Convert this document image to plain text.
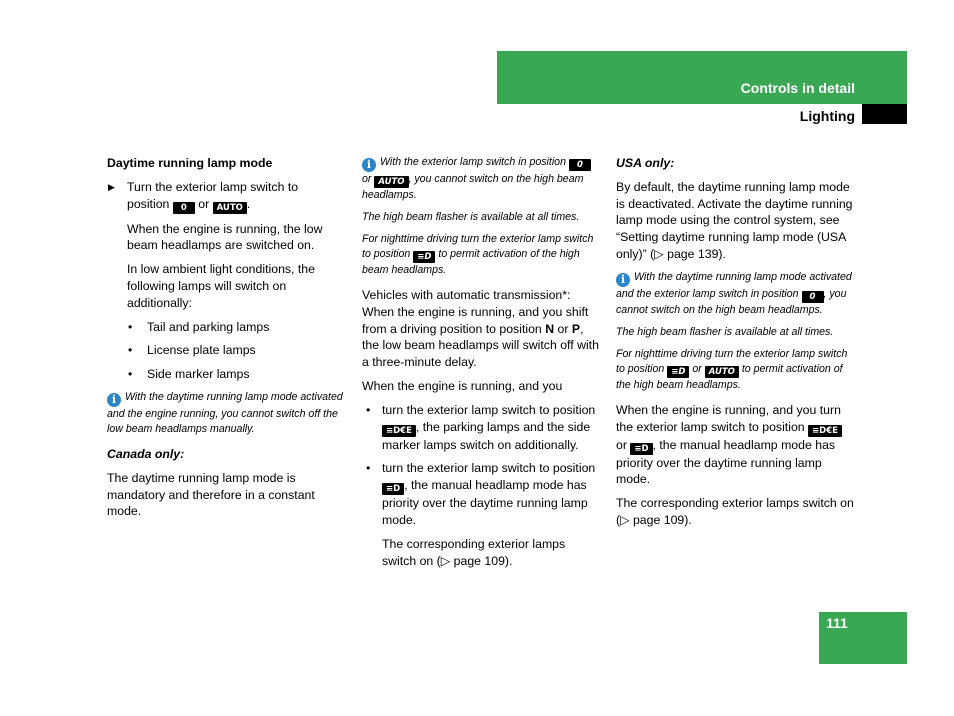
Controls in detail
Lighting

Daytime running lamp mode

▶ Turn the exterior lamp switch to position 0 or AUTO .

When the engine is running, the low beam headlamps are switched on.

In low ambient light conditions, the following lamps will switch on additionally:

• Tail and parking lamps

• License plate lamps

• Side marker lamps

i With the daytime running lamp mode activated and the engine running, you cannot switch off the low beam headlamps manually.

Canada only:

The daytime running lamp mode is mandatory and therefore in a constant mode.

i With the exterior lamp switch in position 0 or AUTO , you cannot switch on the high beam headlamps.

The high beam flasher is available at all times.

For nighttime driving turn the exterior lamp switch to position ≡D to permit activation of the high beam headlamps.

Vehicles with automatic transmission*: When the engine is running, and you shift from a driving position to position N or P, the low beam headlamps will switch off with a three-minute delay.

When the engine is running, and you

• turn the exterior lamp switch to position ≡D€E , the parking lamps and the side marker lamps switch on additionally.

• turn the exterior lamp switch to position ≡D , the manual headlamp mode has priority over the daytime running lamp mode.

The corresponding exterior lamps switch on (▷ page 109).

USA only:

By default, the daytime running lamp mode is deactivated. Activate the daytime running lamp mode using the control system, see “Setting daytime running lamp mode (USA only)” (▷ page 139).

i With the daytime running lamp mode activated and the exterior lamp switch in position 0 , you cannot switch on the high beam headlamps.

The high beam flasher is available at all times.

For nighttime driving turn the exterior lamp switch to position ≡D or AUTO to permit activation of the high beam headlamps.

When the engine is running, and you turn the exterior lamp switch to position ≡D€E or ≡D , the manual headlamp mode has priority over the daytime running lamp mode.

The corresponding exterior lamps switch on (▷ page 109).

111
